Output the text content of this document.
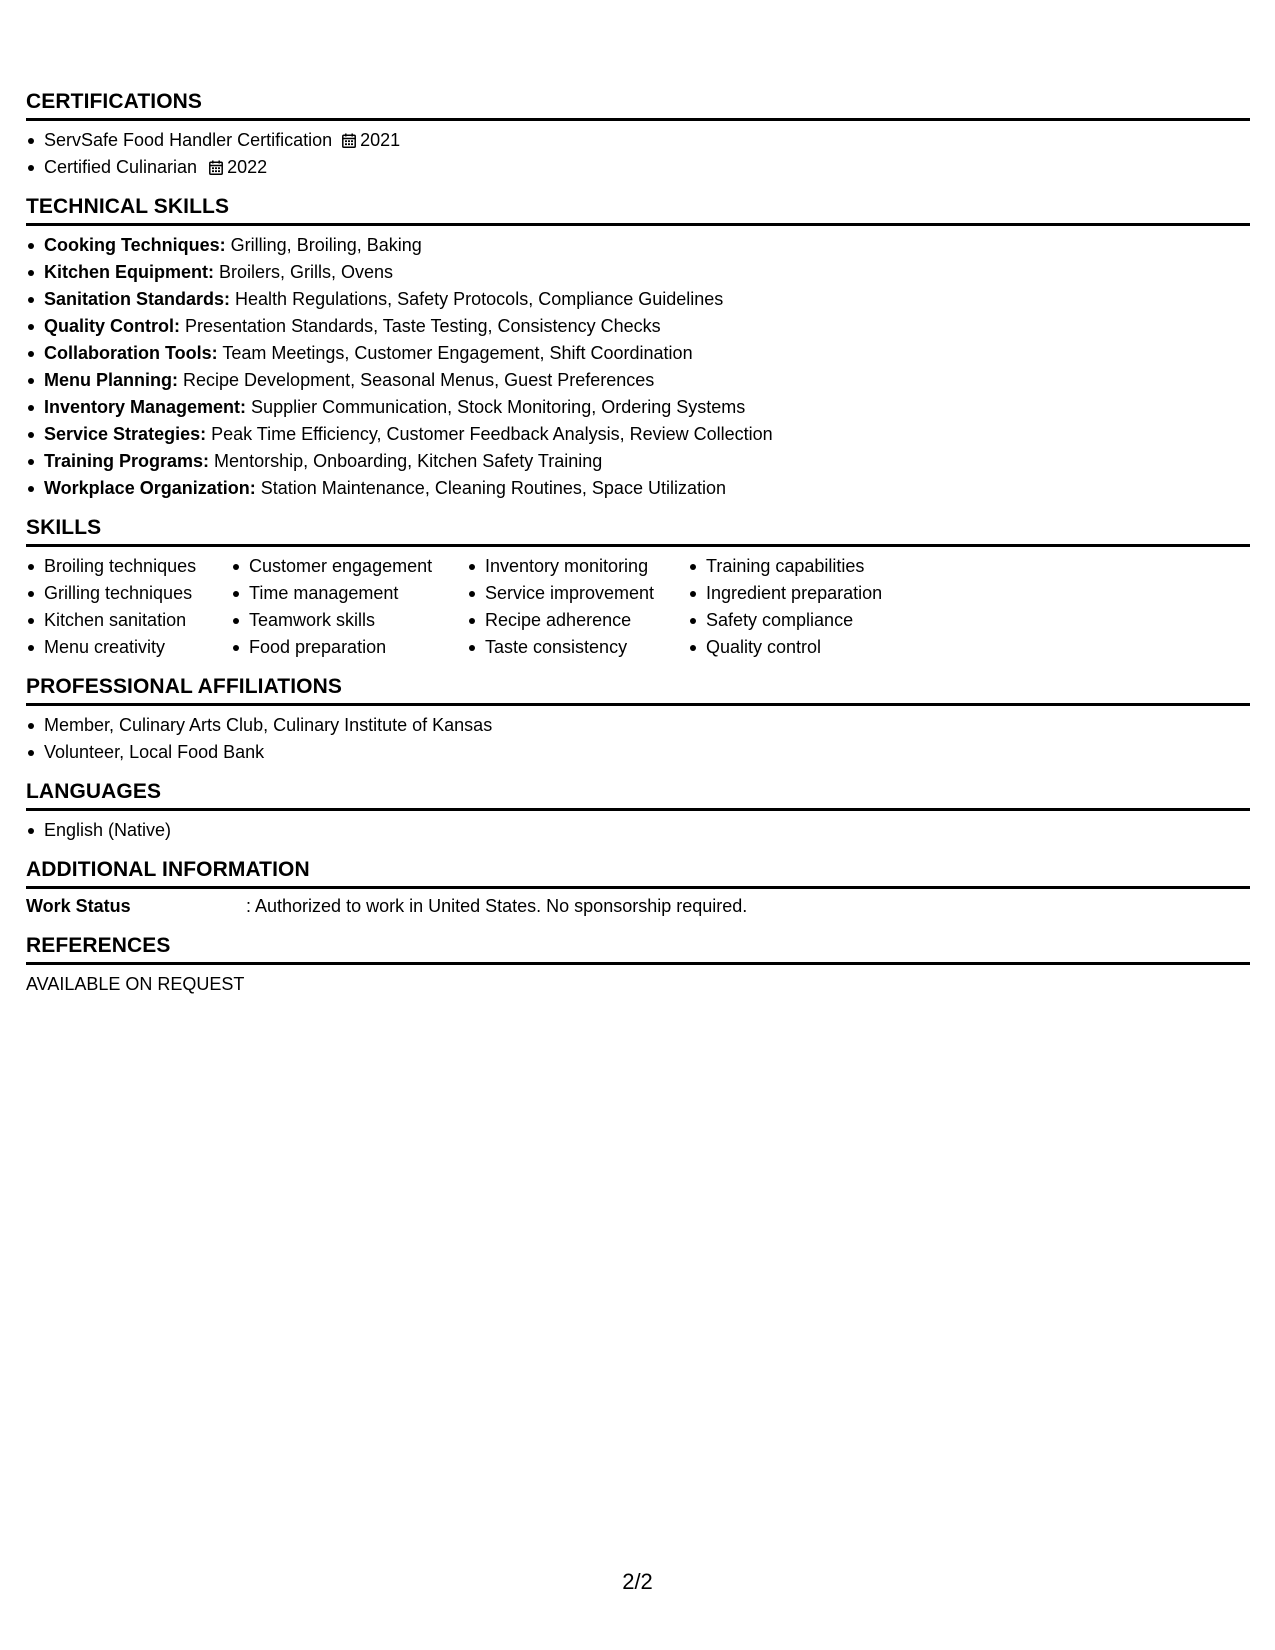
CERTIFICATIONS
ServSafe Food Handler Certification 2021
Certified Culinarian 2022
TECHNICAL SKILLS
Cooking Techniques: Grilling, Broiling, Baking
Kitchen Equipment: Broilers, Grills, Ovens
Sanitation Standards: Health Regulations, Safety Protocols, Compliance Guidelines
Quality Control: Presentation Standards, Taste Testing, Consistency Checks
Collaboration Tools: Team Meetings, Customer Engagement, Shift Coordination
Menu Planning: Recipe Development, Seasonal Menus, Guest Preferences
Inventory Management: Supplier Communication, Stock Monitoring, Ordering Systems
Service Strategies: Peak Time Efficiency, Customer Feedback Analysis, Review Collection
Training Programs: Mentorship, Onboarding, Kitchen Safety Training
Workplace Organization: Station Maintenance, Cleaning Routines, Space Utilization
SKILLS
Broiling techniques
Grilling techniques
Kitchen sanitation
Menu creativity
Customer engagement
Time management
Teamwork skills
Food preparation
Inventory monitoring
Service improvement
Recipe adherence
Taste consistency
Training capabilities
Ingredient preparation
Safety compliance
Quality control
PROFESSIONAL AFFILIATIONS
Member, Culinary Arts Club, Culinary Institute of Kansas
Volunteer, Local Food Bank
LANGUAGES
English (Native)
ADDITIONAL INFORMATION
Work Status	: Authorized to work in United States. No sponsorship required.
REFERENCES
AVAILABLE ON REQUEST
2/2
